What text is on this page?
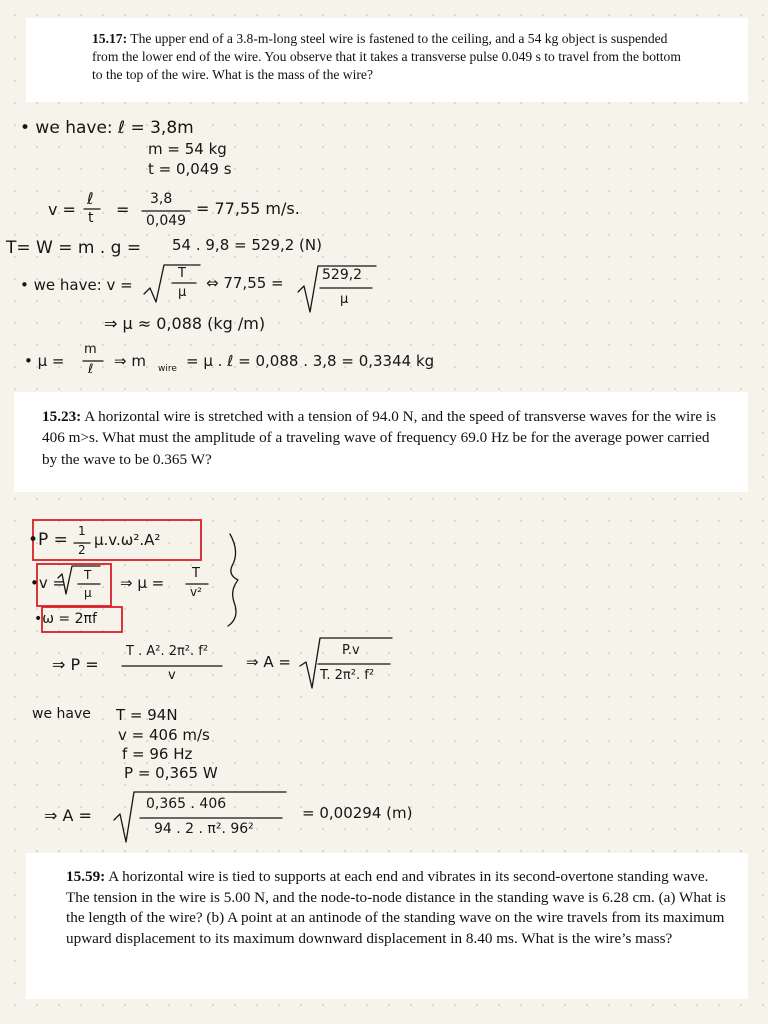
15.17: The upper end of a 3.8-m-long steel wire is fastened to the ceiling, and a 54 kg object is suspended from the lower end of the wire. You observe that it takes a transverse pulse 0.049 s to travel from the bottom to the top of the wire. What is the mass of the wire?
15.23: A horizontal wire is stretched with a tension of 94.0 N, and the speed of transverse waves for the wire is 406 m>s. What must the amplitude of a traveling wave of frequency 69.0 Hz be for the average power carried by the wave to be 0.365 W?
15.59: A horizontal wire is tied to supports at each end and vibrates in its second-overtone standing wave. The tension in the wire is 5.00 N, and the node-to-node distance in the standing wave is 6.28 cm. (a) What is the length of the wire? (b) A point at an antinode of the standing wave on the wire travels from its maximum upward displacement to its maximum downward displacement in 8.40 ms. What is the wire’s mass?
• we have: ℓ = 3,8m
m = 54 kg
t = 0,049 s
v =
ℓ
t =
3,8
0,049
= 77,55 m/s.
T= W = m . g = 54 . 9,8 = 529,2 (N)
• we have: v =
T
μ
⇔ 77,55 =	529,2
μ
⇒ μ ≈ 0,088 (kg /m)
• μ =
m
ℓ ⇒ m wire = μ . ℓ = 0,088 . 3,8 = 0,3344 kg
•P = 1
2
μ.v.ω².A²
•v = T
μ
⇒ μ =
T
v²
•ω = 2πf
⇒ P =
T . A². 2π². f²
v
⇒ A =
P.v
T. 2π². f²
we have T = 94N
v = 406 m/s
f = 96 Hz
P = 0,365 W
⇒ A =
0,365 . 406
94 . 2 . π². 96²
= 0,00294 (m)
